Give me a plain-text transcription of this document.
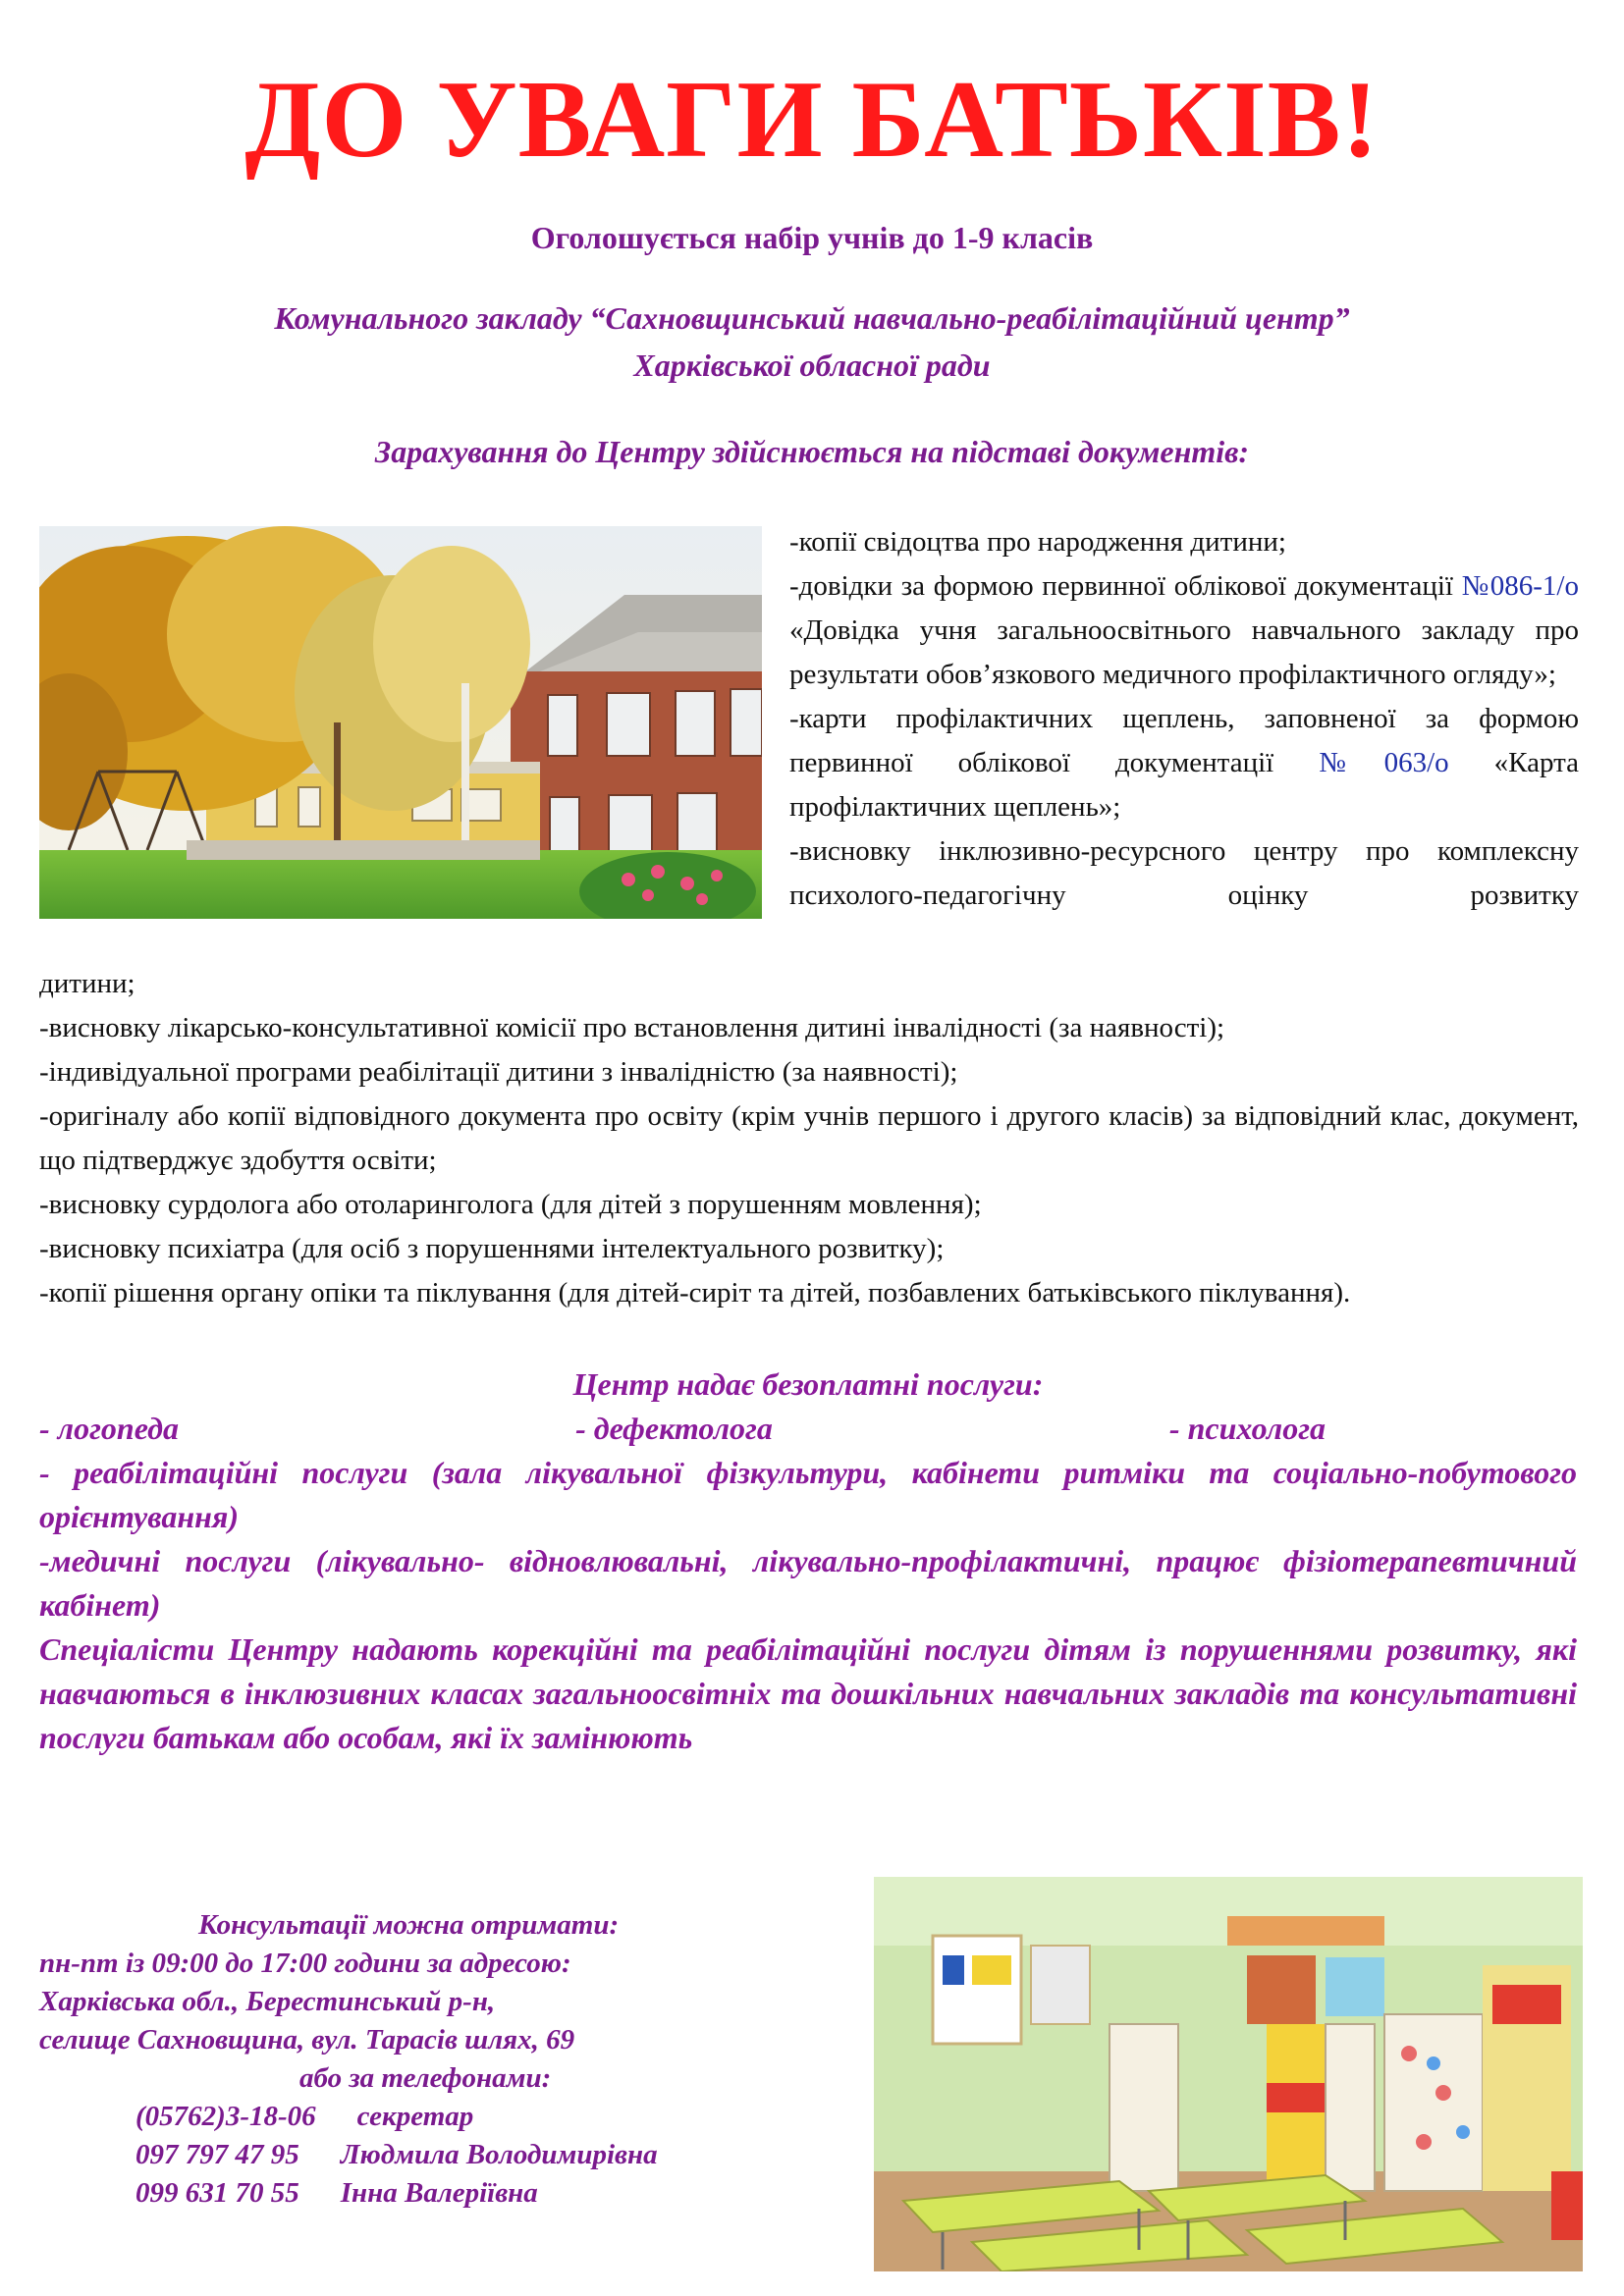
ДО УВАГИ БАТЬКІВ!
Оголошується набір учнів до 1-9 класів
Комунального закладу “Сахновщинський навчально-реабілітаційний центр”
Харківської обласної ради
Зарахування до Центру здійснюється на підставі документів:
-копії свідоцтва про народження дитини;
-довідки за формою первинної облікової документації №086-1/о «Довідка учня загальноосвітнього навчального закладу про результати обов’язкового медичного профілактичного огляду»;
-карти профілактичних щеплень, заповненої за формою первинної облікової документації №063/о «Карта профілактичних щеплень»;
-висновку інклюзивно-ресурсного центру про комплексну психолого-педагогічну оцінку розвитку
дитини;
-висновку лікарсько-консультативної комісії про встановлення дитині інвалідності (за наявності);
-індивідуальної програми реабілітації дитини з інвалідністю (за наявності);
-оригіналу або копії відповідного документа про освіту (крім учнів першого і другого класів) за відповідний клас, документ, що підтверджує здобуття освіти;
-висновку сурдолога або отоларинголога (для дітей з порушенням мовлення);
-висновку психіатра (для осіб з порушеннями інтелектуального розвитку);
-копії рішення органу опіки та піклування (для дітей-сиріт та дітей, позбавлених батьківського піклування).

Центр надає безоплатні послуги:

- логопеда	- дефектолога	- психолога

- реабілітаційні послуги (зала лікувальної фізкультури, кабінети ритміки та соціально-побутового орієнтування)

-медичні послуги (лікувально- відновлювальні, лікувально-профілактичні, працює фізіотерапевтичний кабінет)

Спеціалісти Центру надають корекційні та реабілітаційні послуги дітям із порушеннями розвитку, які навчаються в інклюзивних класах загальноосвітніх та дошкільних навчальних закладів та консультативні послуги батькам або особам, які їх замінюють

Консультації можна отримати:

пн-пт із 09:00 до 17:00 години за адресою:

Харківська обл., Берестинський р-н,

селище Сахновщина, вул. Тарасів шлях, 69

або за телефонами:

(05762)3-18-06 секретар

097 797 47 95 Людмила Володимирівна

099 631 70 55 Інна Валеріївна
